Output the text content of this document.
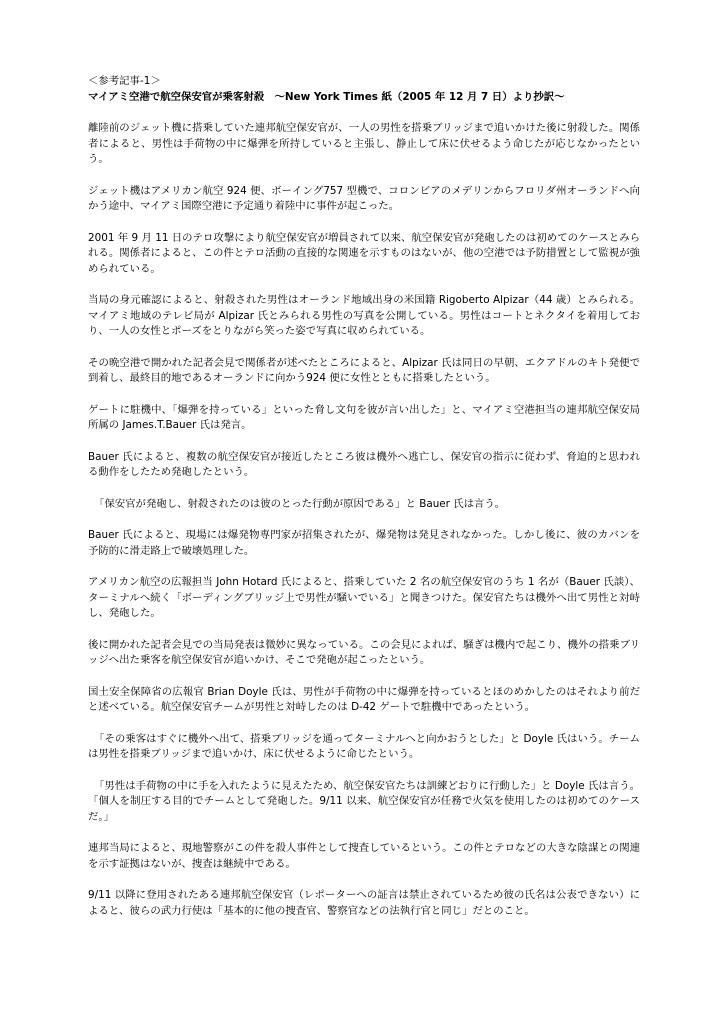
＜参考記事-1＞

マイアミ空港で航空保安官が乗客射殺　～New York Times 紙（2005 年 12 月 7 日）より抄訳～

離陸前のジェット機に搭乗していた連邦航空保安官が、一人の男性を搭乗ブリッジまで追いかけた後に射殺した。関係者によると、男性は手荷物の中に爆弾を所持していると主張し、静止して床に伏せるよう命じたが応じなかったという。

ジェット機はアメリカン航空 924 便、ボーイング757 型機で、コロンビアのメデリンからフロリダ州オーランドへ向かう途中、マイアミ国際空港に予定通り着陸中に事件が起こった。

2001 年 9 月 11 日のテロ攻撃により航空保安官が増員されて以来、航空保安官が発砲したのは初めてのケースとみられる。関係者によると、この件とテロ活動の直接的な関連を示すものはないが、他の空港では予防措置として監視が強められている。

当局の身元確認によると、射殺された男性はオーランド地域出身の米国籍 Rigoberto Alpizar（44 歳）とみられる。マイアミ地域のテレビ局が Alpizar 氏とみられる男性の写真を公開している。男性はコートとネクタイを着用しており、一人の女性とポーズをとりながら笑った姿で写真に収められている。

その晩空港で開かれた記者会見で関係者が述べたところによると、Alpizar 氏は同日の早朝、エクアドルのキト発便で到着し、最終目的地であるオーランドに向かう924 便に女性とともに搭乗したという。

ゲートに駐機中、「爆弾を持っている」といった脅し文句を彼が言い出した」と、マイアミ空港担当の連邦航空保安局所属の James.T.Bauer 氏は発言。

Bauer 氏によると、複数の航空保安官が接近したところ彼は機外へ逃亡し、保安官の指示に従わず、脅迫的と思われる動作をしたため発砲したという。

「保安官が発砲し、射殺されたのは彼のとった行動が原因である」と Bauer 氏は言う。

Bauer 氏によると、現場には爆発物専門家が招集されたが、爆発物は発見されなかった。しかし後に、彼のカバンを予防的に滑走路上で破壊処理した。

アメリカン航空の広報担当 John Hotard 氏によると、搭乗していた 2 名の航空保安官のうち 1 名が（Bauer 氏談）、ターミナルへ続く「ボーディングブリッジ上で男性が騒いでいる」と聞きつけた。保安官たちは機外へ出て男性と対峙し、発砲した。

後に開かれた記者会見での当局発表は微妙に異なっている。この会見によれば、騒ぎは機内で起こり、機外の搭乗ブリッジへ出た乗客を航空保安官が追いかけ、そこで発砲が起こったという。

国土安全保障省の広報官 Brian Doyle 氏は、男性が手荷物の中に爆弾を持っているとほのめかしたのはそれより前だと述べている。航空保安官チームが男性と対峙したのは D-42 ゲートで駐機中であったという。

「その乗客はすぐに機外へ出て、搭乗ブリッジを通ってターミナルへと向かおうとした」と Doyle 氏はいう。チームは男性を搭乗ブリッジまで追いかけ、床に伏せるように命じたという。

「男性は手荷物の中に手を入れたように見えたため、航空保安官たちは訓練どおりに行動した」と Doyle 氏は言う。「個人を制圧する目的でチームとして発砲した。9/11 以来、航空保安官が任務で火気を使用したのは初めてのケースだ。」

連邦当局によると、現地警察がこの件を殺人事件として捜査しているという。この件とテロなどの大きな陰謀との関連を示す証拠はないが、捜査は継続中である。

9/11 以降に登用されたある連邦航空保安官（レポーターへの証言は禁止されているため彼の氏名は公表できない）によると、彼らの武力行使は「基本的に他の捜査官、警察官などの法執行官と同じ」だとのこと。
